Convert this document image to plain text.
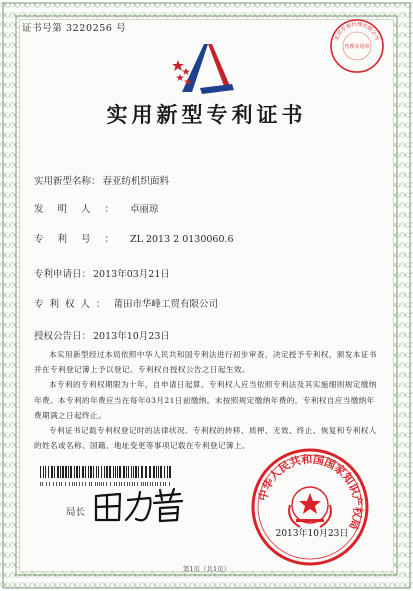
证书号第 3220256 号

北京专利代理有限公司
代理专用章
实用新型专利证书

实用新型名称： 春亚纺机织面料

发明人： 卓丽琼

专利号： ZL 2013 2 0130060.6

专利申请日： 2013年03月21日

专利权人： 莆田市华峰工贸有限公司

授权公告日： 2013年10月23日

本实用新型经过本局依照中华人民共和国专利法进行初步审查，决定授予专利权，颁发本证书并在专利登记簿上予以登记。专利权自授权公告之日起生效。

本专利的专利权期限为十年，自申请日起算。专利权人应当依照专利法及其实施细则规定缴纳年费。本专利的年费应当在每年03月21日前缴纳。未按照规定缴纳年费的，专利权自应当缴纳年费期满之日起终止。

专利证书记载专利权登记时的法律状况。专利权的转移、质押、无效、终止、恢复和专利权人的姓名或名称、国籍、地址变更等事项记载在专利登记簿上。

局长

中华人民共和国国家知识产权局
2013年10月23日

第1页（共1页）
